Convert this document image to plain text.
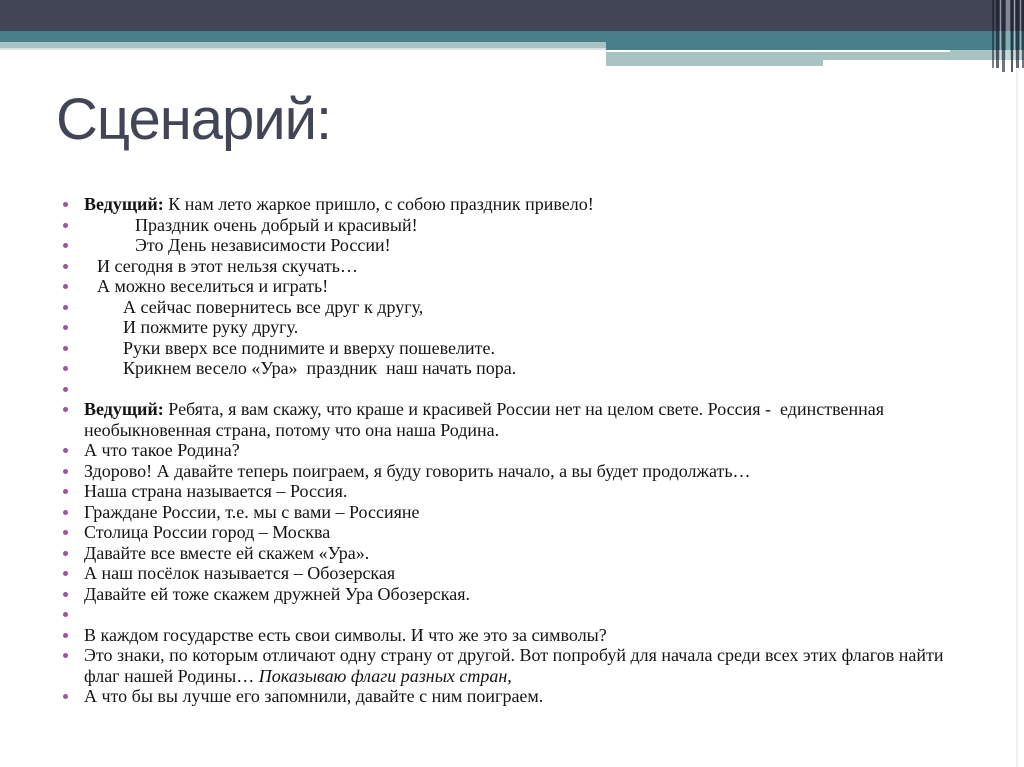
Сценарий:
Ведущий: К нам лето жаркое пришло, с собою праздник привело!
Праздник очень добрый и красивый!
Это День независимости России!
И сегодня в этот нельзя скучать…
А можно веселиться и играть!
А сейчас повернитесь все друг к другу,
И пожмите руку другу.
Руки вверх все поднимите и вверху пошевелите.
Крикнем весело «Ура»  праздник  наш начать пора.

Ведущий: Ребята, я вам скажу, что краше и красивей России нет на целом свете. Россия -  единственная необыкновенная страна, потому что она наша Родина.
А что такое Родина?
Здорово! А давайте теперь поиграем, я буду говорить начало, а вы будет продолжать…
Наша страна называется – Россия.
Граждане России, т.е. мы с вами – Россияне
Столица России город – Москва
Давайте все вместе ей скажем «Ура».
А наш посёлок называется – Обозерская
Давайте ей тоже скажем дружней Ура Обозерская.

В каждом государстве есть свои символы. И что же это за символы?
Это знаки, по которым отличают одну страну от другой. Вот попробуй для начала среди всех этих флагов найти флаг нашей Родины… Показываю флаги разных стран,
А что бы вы лучше его запомнили, давайте с ним поиграем.
